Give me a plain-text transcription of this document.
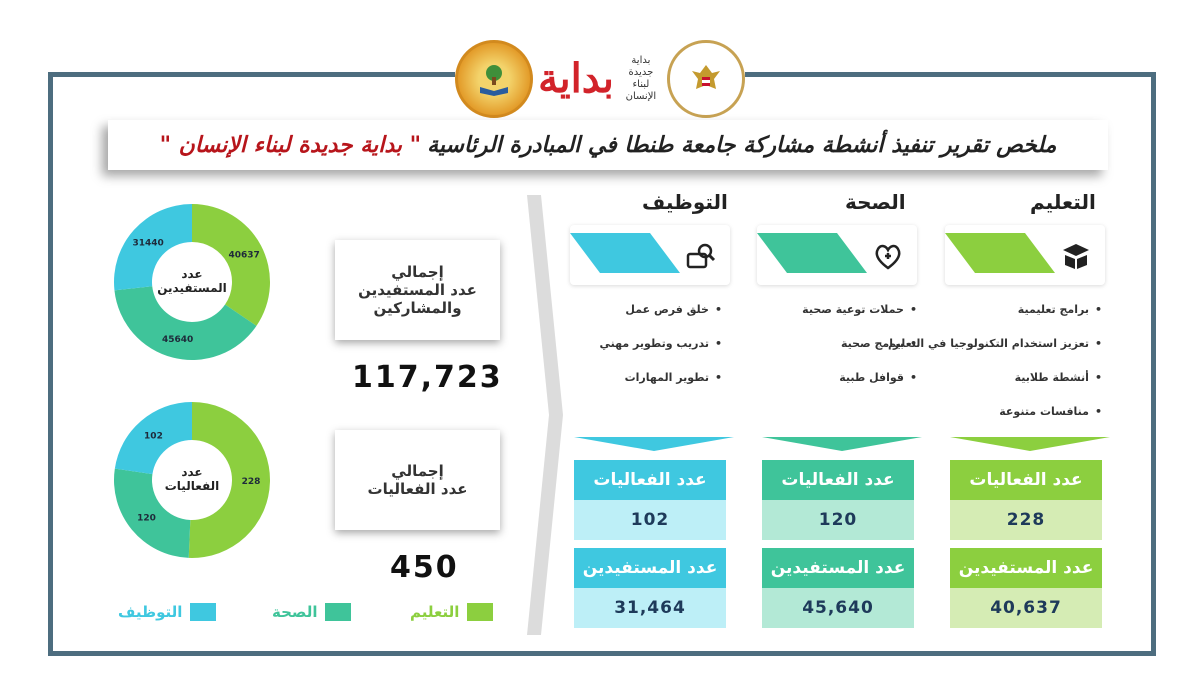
بداية	بداية جديدة لبناء الإنسان
ملخص تقرير تنفيذ أنشطة مشاركة جامعة طنطا في المبادرة الرئاسية
" بداية جديدة لبناء الإنسان "
التعليم
الصحة
التوظيف
• برامج تعليمية
• تعزيز استخدام التكنولوجيا في التعليم
• أنشطة طلابية
• منافسات متنوعة
• حملات توعية صحية
• برامج صحية
• قوافل طبية
• خلق فرص عمل
• تدريب وتطوير مهني
• تطوير المهارات
عدد الفعاليات
228
عدد المستفيدين
40,637
عدد الفعاليات
120
عدد المستفيدين
45,640
عدد الفعاليات
102
عدد المستفيدين
31,464
إجمالي
عدد المستفيدين
والمشاركين
117,723
إجمالي
عدد الفعاليات
450
40637
45640
31440
عدد
المستفيدين
228
120
102
عدد
الفعاليات
التعليم
الصحة
التوظيف
